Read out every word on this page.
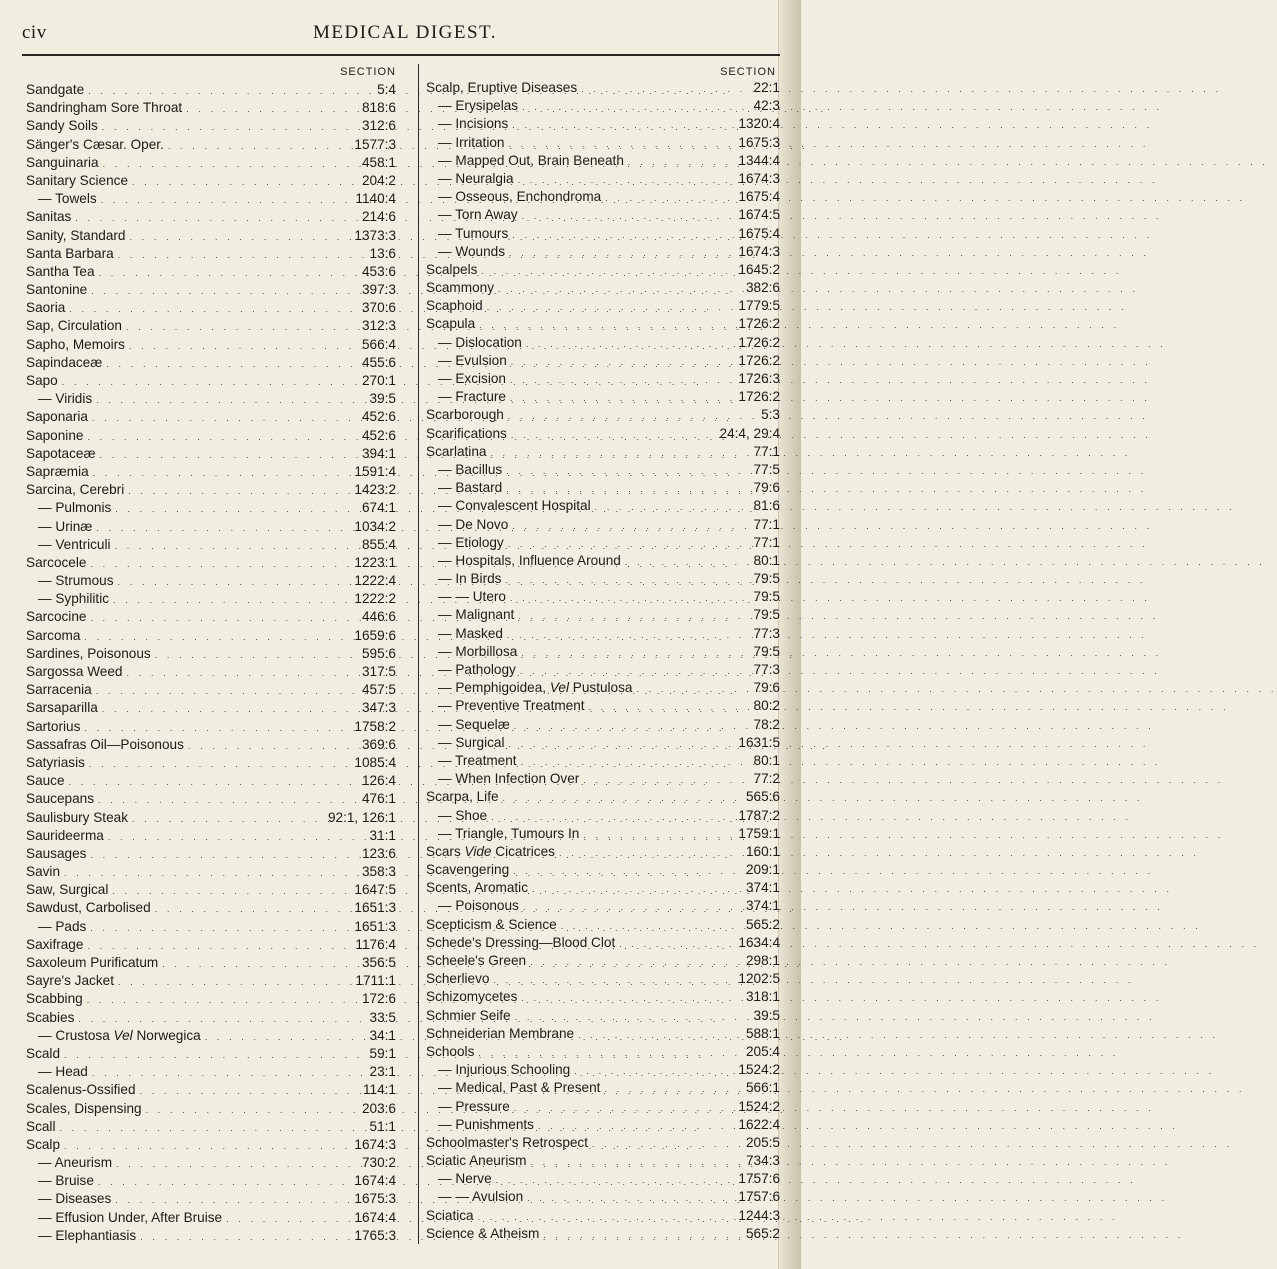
civ	MEDICAL DIGEST.
SECTION
Sandgate . . .	5:4
Sandringham Sore Throat . . .	818:6
Sandy Soils . . .	312:6
Sänger's Cæsar. Oper. . . .	1577:3
Sanguinaria . . .	458:1
Sanitary Science . . .	204:2
— Towels . . .	1140:4
Sanitas . . .	214:6
Sanity, Standard . . .	1373:3
Santa Barbara . . .	13:6
Santha Tea . . .	453:6
Santonine . . .	397:3
Saoria . . .	370:6
Sap, Circulation . . .	312:3
Sapho, Memoirs . . .	566:4
Sapindaceæ . . .	455:6
Sapo . . .	270:1
— Viridis . . .	39:5
Saponaria . . .	452:6
Saponine . . .	452:6
Sapotaceæ . . .	394:1
Sapræmia . . .	1591:4
Sarcina, Cerebri . . .	1423:2
— Pulmonis . . .	674:1
— Urinæ . . .	1034:2
— Ventriculi . . .	855:4
Sarcocele . . .	1223:1
— Strumous . . .	1222:4
— Syphilitic . . .	1222:2
Sarcocine . . .	446:6
Sarcoma . . .	1659:6
Sardines, Poisonous . . .	595:6
Sargossa Weed . . .	317:5
Sarracenia . . .	457:5
Sarsaparilla . . .	347:3
Sartorius . . .	1758:2
Sassafras Oil—Poisonous . . .	369:6
Satyriasis . . .	1085:4
Sauce . . .	126:4
Saucepans . . .	476:1
Saulisbury Steak . . .	92:1, 126:1
Saurideerma . . .	31:1
Sausages . . .	123:6
Savin . . .	358:3
Saw, Surgical . . .	1647:5
Sawdust, Carbolised . . .	1651:3
— Pads . . .	1651:3
Saxifrage . . .	1176:4
Saxoleum Purificatum . . .	356:5
Sayre's Jacket . . .	1711:1
Scabbing . . .	172:6
Scabies . . .	33:5
— Crustosa Vel Norwegica . . .	34:1
Scald . . .	59:1
— Head . . .	23:1
Scalenus-Ossified . . .	114:1
Scales, Dispensing . . .	203:6
Scall . . .	51:1
Scalp . . .	1674:3
— Aneurism . . .	730:2
— Bruise . . .	1674:4
— Diseases . . .	1675:3
— Effusion Under, After Bruise . . .	1674:4
— Elephantiasis . . .	1765:3
SECTION
Scalp, Eruptive Diseases . . .	22:1
— Erysipelas . . .	42:3
— Incisions . . .	1320:4
— Irritation . . .	1675:3
— Mapped Out, Brain Beneath . . .	1344:4
— Neuralgia . . .	1674:3
— Osseous, Enchondroma . . .	1675:4
— Torn Away . . .	1674:5
— Tumours . . .	1675:4
— Wounds . . .	1674:3
Scalpels . . .	1645:2
Scammony . . .	382:6
Scaphoid . . .	1779:5
Scapula . . .	1726:2
— Dislocation . . .	1726:2
— Evulsion . . .	1726:2
— Excision . . .	1726:3
— Fracture . . .	1726:2
Scarborough . . .	5:3
Scarifications . . .	24:4, 29:4
Scarlatina . . .	77:1
— Bacillus . . .	77:5
— Bastard . . .	79:6
— Convalescent Hospital . . .	81:6
— De Novo . . .	77:1
— Etiology . . .	77:1
— Hospitals, Influence Around . . .	80:1
— In Birds . . .	79:5
— — Utero . . .	79:5
— Malignant . . .	79:5
— Masked . . .	77:3
— Morbillosa . . .	79:5
— Pathology . . .	77:3
— Pemphigoidea, Vel Pustulosa . . .	79:6
— Preventive Treatment . . .	80:2
— Sequelæ . . .	78:2
— Surgical . . .	1631:5
— Treatment . . .	80:1
— When Infection Over . . .	77:2
Scarpa, Life . . .	565:6
— Shoe . . .	1787:2
— Triangle, Tumours In . . .	1759:1
Scars Vide Cicatrices . . .	160:1
Scavengering . . .	209:1
Scents, Aromatic . . .	374:1
— Poisonous . . .	374:1
Scepticism & Science . . .	565:2
Schede's Dressing—Blood Clot . . .	1634:4
Scheele's Green . . .	298:1
Scherlievo . . .	1202:5
Schizomycetes . . .	318:1
Schmier Seife . . .	39:5
Schneiderian Membrane . . .	588:1
Schools . . .	205:4
— Injurious Schooling . . .	1524:2
— Medical, Past & Present . . .	566:1
— Pressure . . .	1524:2
— Punishments . . .	1622:4
Schoolmaster's Retrospect . . .	205:5
Sciatic Aneurism . . .	734:3
— Nerve . . .	1757:6
— — Avulsion . . .	1757:6
Sciatica . . .	1244:3
Science & Atheism . . .	565:2
